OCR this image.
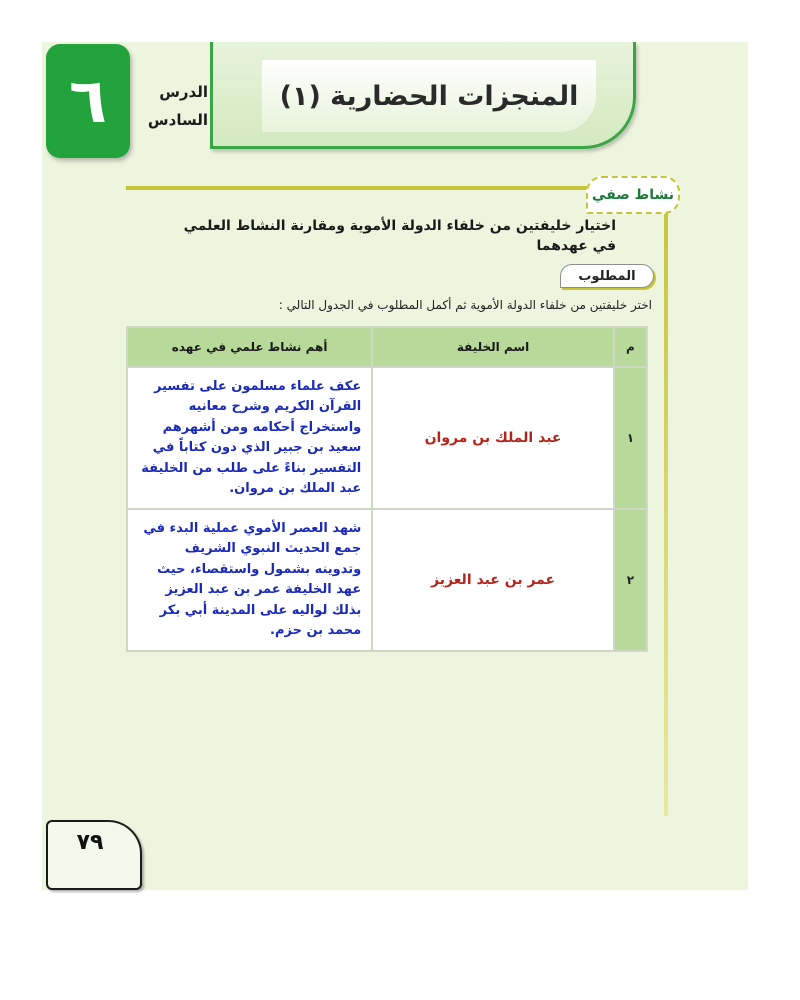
٦	الدرس
السادس
المنجزات الحضارية (١)
نشاط صفي
اختيار خليفتين من خلفاء الدولة الأموية ومقارنة النشاط العلمي في عهدهما
المطلوب
اختر خليفتين من خلفاء الدولة الأموية ثم أكمل المطلوب في الجدول التالي :
م	اسم الخليفة	أهم نشاط علمي في عهده
١	عبد الملك بن مروان	عكف علماء مسلمون على تفسير القرآن الكريم وشرح معانيه واستخراج أحكامه ومن أشهرهم سعيد بن جبير الذي دون كتاباً في التفسير بناءً على طلب من الخليفة عبد الملك بن مروان.
٢	عمر بن عبد العزيز	شهد العصر الأموي عملية البدء في جمع الحديث النبوي الشريف وتدوينه بشمول واستقصاء، حيث عهد الخليفة عمر بن عبد العزيز بذلك لواليه على المدينة أبي بكر محمد بن حزم.
٧٩
